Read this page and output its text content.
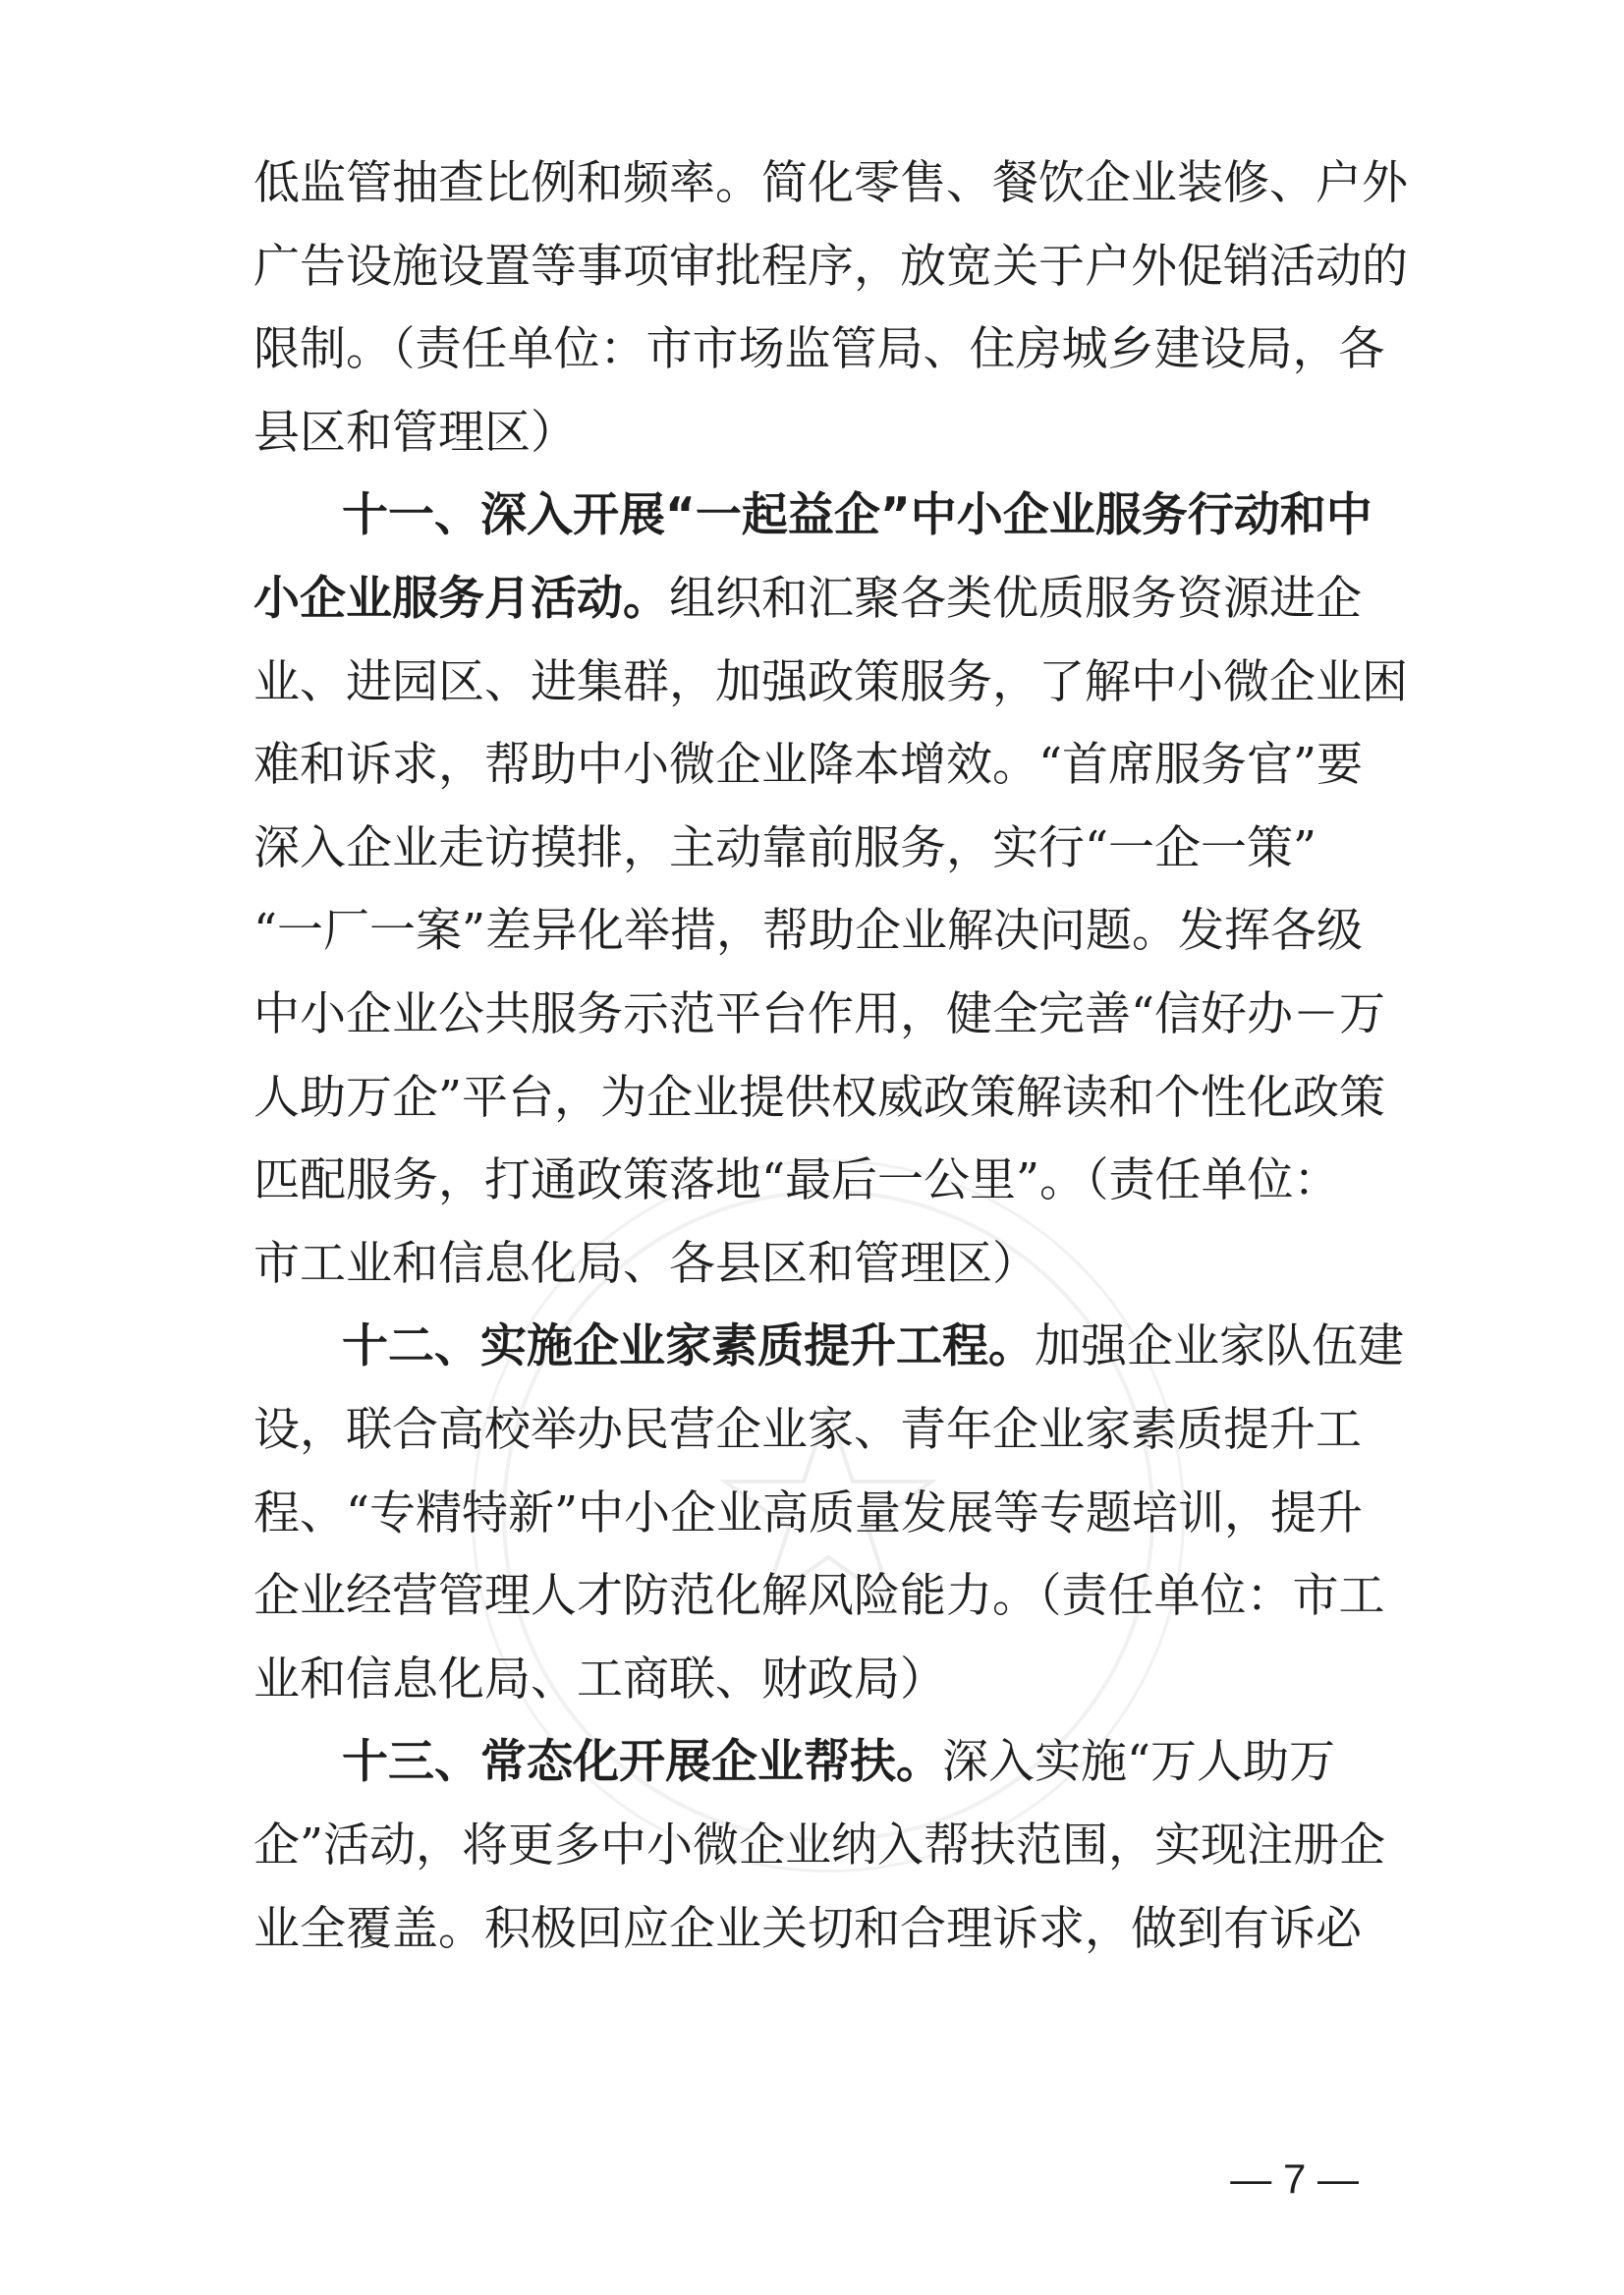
低监管抽查比例和频率。简化零售、餐饮企业装修、户外
广告设施设置等事项审批程序，放宽关于户外促销活动的
限制。（责任单位：市市场监管局、住房城乡建设局，各
县区和管理区）
十一、深入开展“一起益企”中小企业服务行动和中
小企业服务月活动。组织和汇聚各类优质服务资源进企
业、进园区、进集群，加强政策服务，了解中小微企业困
难和诉求，帮助中小微企业降本增效。“首席服务官”要
深入企业走访摸排，主动靠前服务，实行“一企一策”
“一厂一案”差异化举措，帮助企业解决问题。发挥各级
中小企业公共服务示范平台作用，健全完善“信好办－万
人助万企”平台，为企业提供权威政策解读和个性化政策
匹配服务，打通政策落地“最后一公里”。（责任单位：
市工业和信息化局、各县区和管理区）
十二、实施企业家素质提升工程。加强企业家队伍建
设，联合高校举办民营企业家、青年企业家素质提升工
程、“专精特新”中小企业高质量发展等专题培训，提升
企业经营管理人才防范化解风险能力。（责任单位：市工
业和信息化局、工商联、财政局）
十三、常态化开展企业帮扶。深入实施“万人助万
企”活动，将更多中小微企业纳入帮扶范围，实现注册企
业全覆盖。积极回应企业关切和合理诉求，做到有诉必
— 7 —
